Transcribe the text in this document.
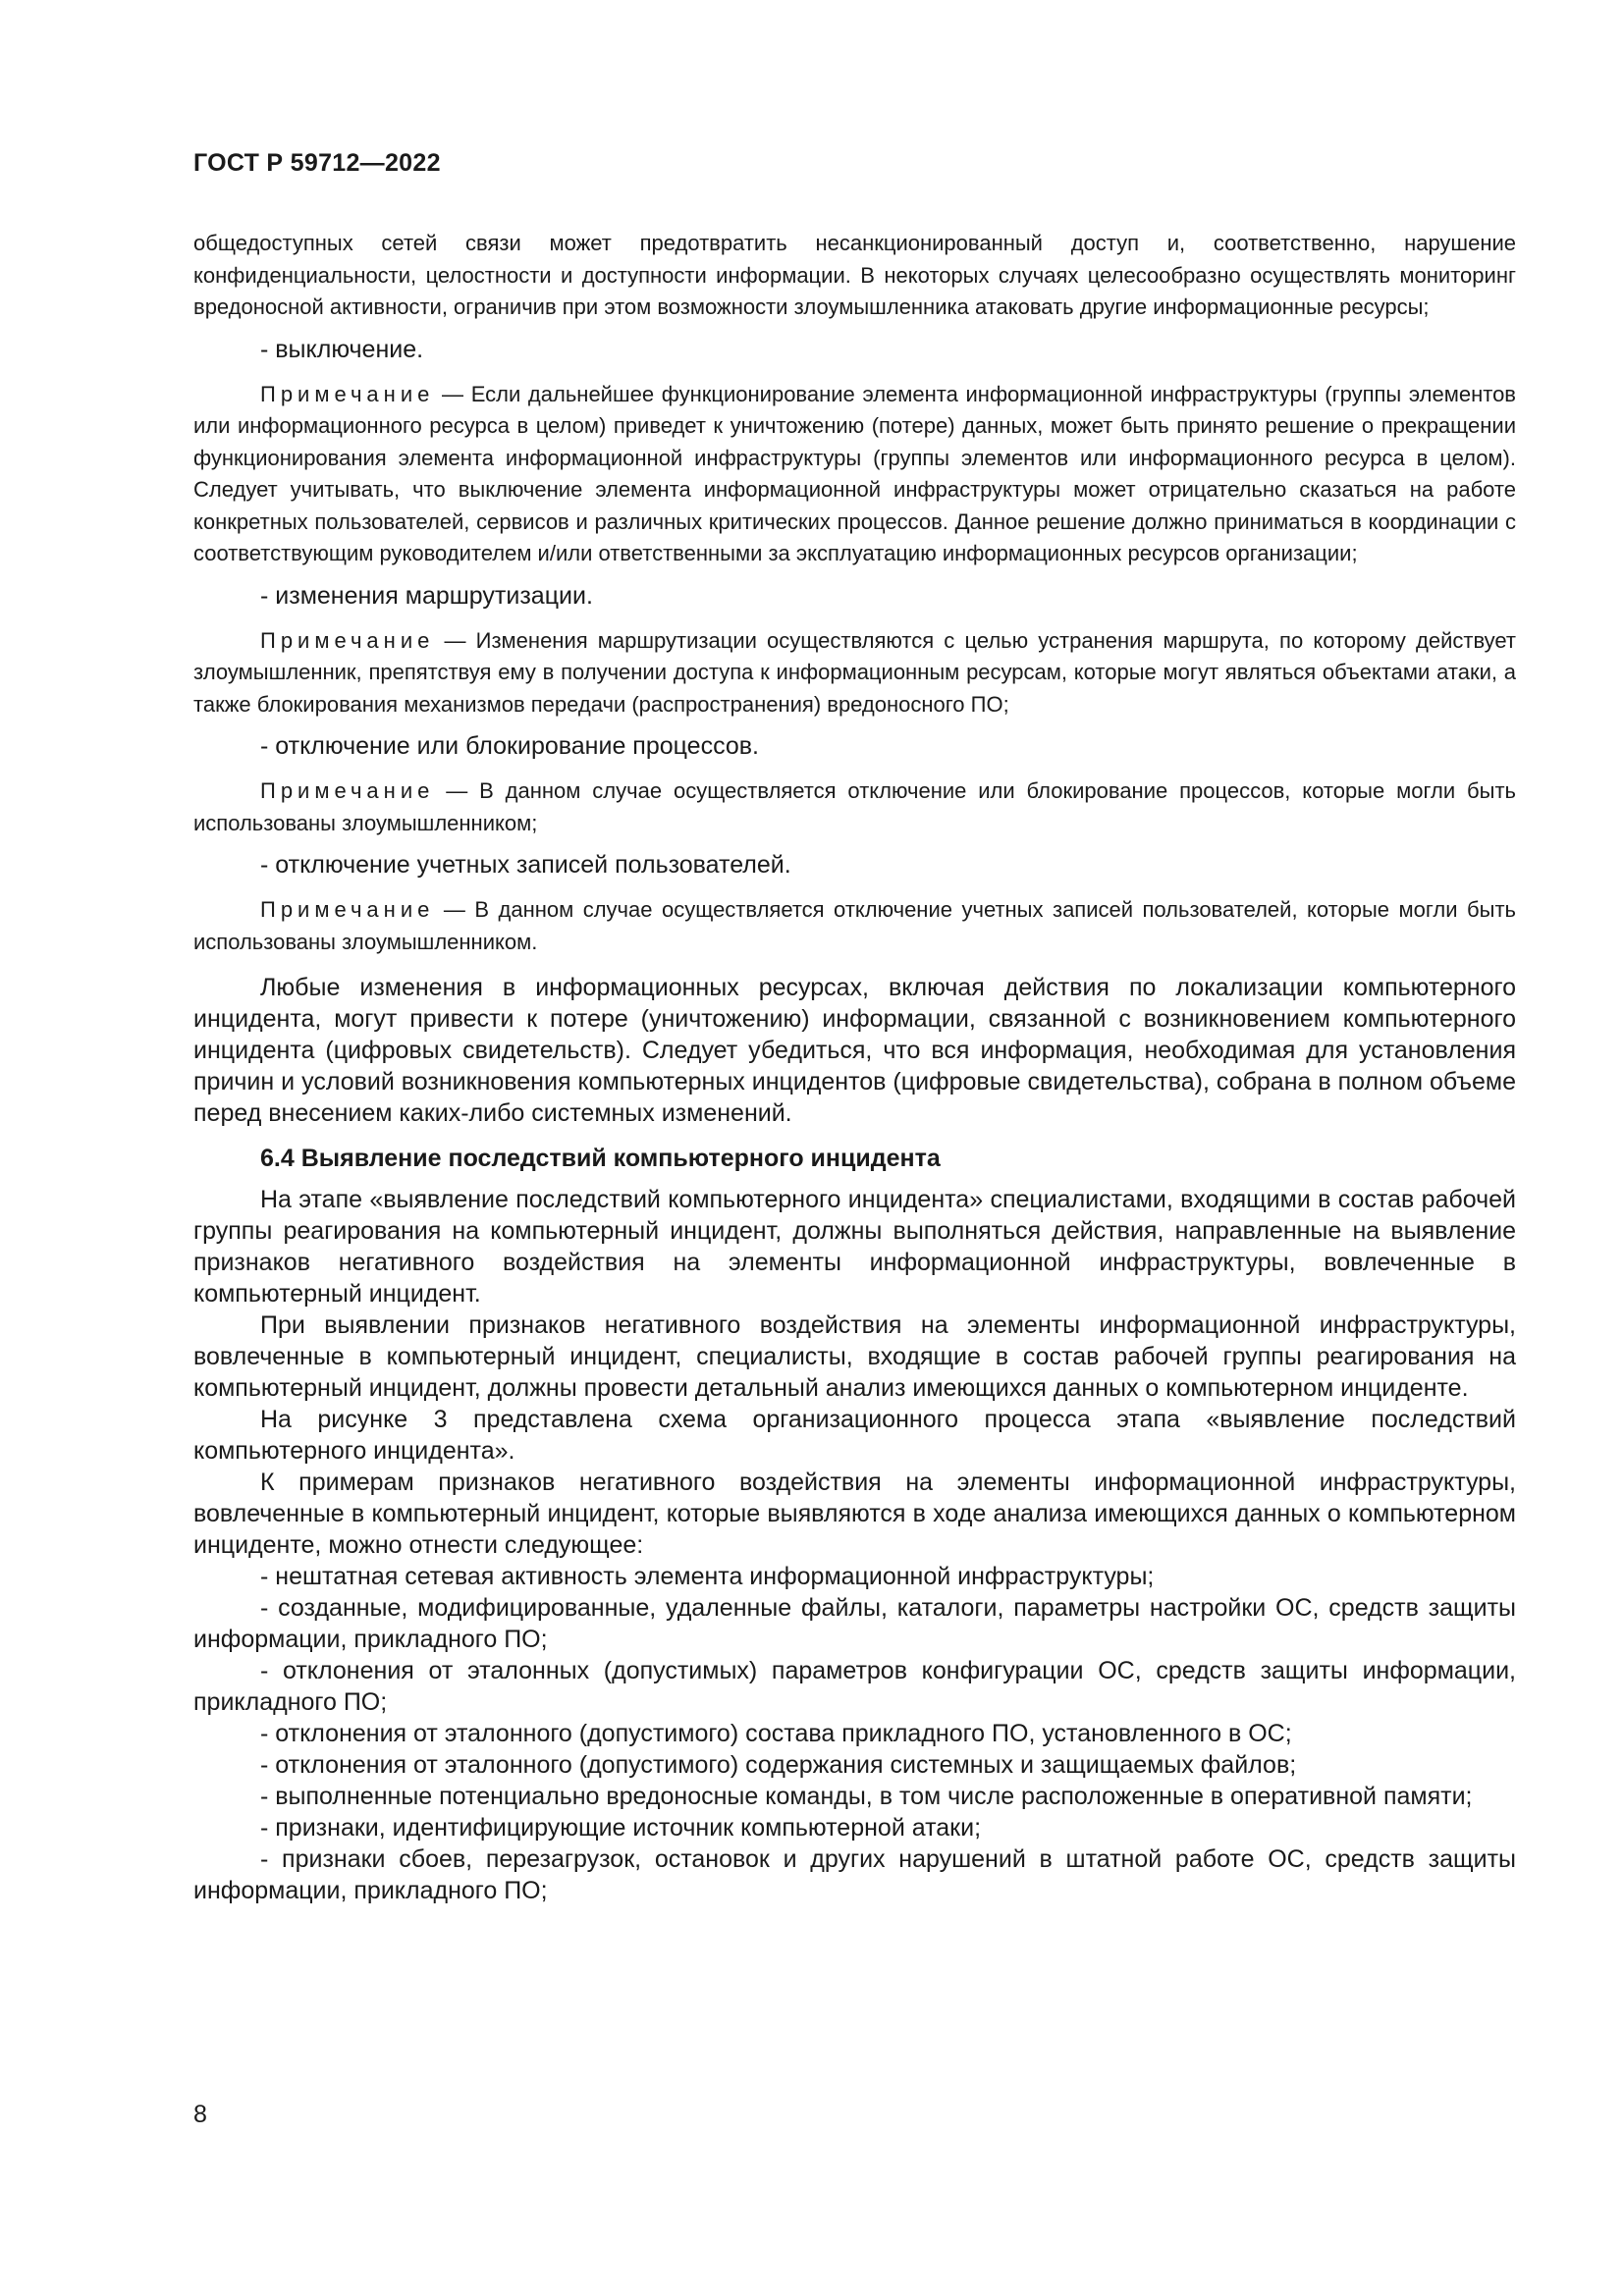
ГОСТ Р 59712—2022

общедоступных сетей связи может предотвратить несанкционированный доступ и, соответственно, нарушение конфиденциальности, целостности и доступности информации. В некоторых случаях целесообразно осуществлять мониторинг вредоносной активности, ограничив при этом возможности злоумышленника атаковать другие информационные ресурсы;

- выключение.

Примечание — Если дальнейшее функционирование элемента информационной инфраструктуры (группы элементов или информационного ресурса в целом) приведет к уничтожению (потере) данных, может быть принято решение о прекращении функционирования элемента информационной инфраструктуры (группы элементов или информационного ресурса в целом). Следует учитывать, что выключение элемента информационной инфраструктуры может отрицательно сказаться на работе конкретных пользователей, сервисов и различных критических процессов. Данное решение должно приниматься в координации с соответствующим руководителем и/или ответственными за эксплуатацию информационных ресурсов организации;

- изменения маршрутизации.

Примечание — Изменения маршрутизации осуществляются с целью устранения маршрута, по которому действует злоумышленник, препятствуя ему в получении доступа к информационным ресурсам, которые могут являться объектами атаки, а также блокирования механизмов передачи (распространения) вредоносного ПО;

- отключение или блокирование процессов.

Примечание — В данном случае осуществляется отключение или блокирование процессов, которые могли быть использованы злоумышленником;

- отключение учетных записей пользователей.

Примечание — В данном случае осуществляется отключение учетных записей пользователей, которые могли быть использованы злоумышленником.

Любые изменения в информационных ресурсах, включая действия по локализации компьютерного инцидента, могут привести к потере (уничтожению) информации, связанной с возникновением компьютерного инцидента (цифровых свидетельств). Следует убедиться, что вся информация, необходимая для установления причин и условий возникновения компьютерных инцидентов (цифровые свидетельства), собрана в полном объеме перед внесением каких-либо системных изменений.

6.4 Выявление последствий компьютерного инцидента

На этапе «выявление последствий компьютерного инцидента» специалистами, входящими в состав рабочей группы реагирования на компьютерный инцидент, должны выполняться действия, направленные на выявление признаков негативного воздействия на элементы информационной инфраструктуры, вовлеченные в компьютерный инцидент.

При выявлении признаков негативного воздействия на элементы информационной инфраструктуры, вовлеченные в компьютерный инцидент, специалисты, входящие в состав рабочей группы реагирования на компьютерный инцидент, должны провести детальный анализ имеющихся данных о компьютерном инциденте.

На рисунке 3 представлена схема организационного процесса этапа «выявление последствий компьютерного инцидента».

К примерам признаков негативного воздействия на элементы информационной инфраструктуры, вовлеченные в компьютерный инцидент, которые выявляются в ходе анализа имеющихся данных о компьютерном инциденте, можно отнести следующее:

- нештатная сетевая активность элемента информационной инфраструктуры;

- созданные, модифицированные, удаленные файлы, каталоги, параметры настройки ОС, средств защиты информации, прикладного ПО;

- отклонения от эталонных (допустимых) параметров конфигурации ОС, средств защиты информации, прикладного ПО;

- отклонения от эталонного (допустимого) состава прикладного ПО, установленного в ОС;

- отклонения от эталонного (допустимого) содержания системных и защищаемых файлов;

- выполненные потенциально вредоносные команды, в том числе расположенные в оперативной памяти;

- признаки, идентифицирующие источник компьютерной атаки;

- признаки сбоев, перезагрузок, остановок и других нарушений в штатной работе ОС, средств защиты информации, прикладного ПО;

8
